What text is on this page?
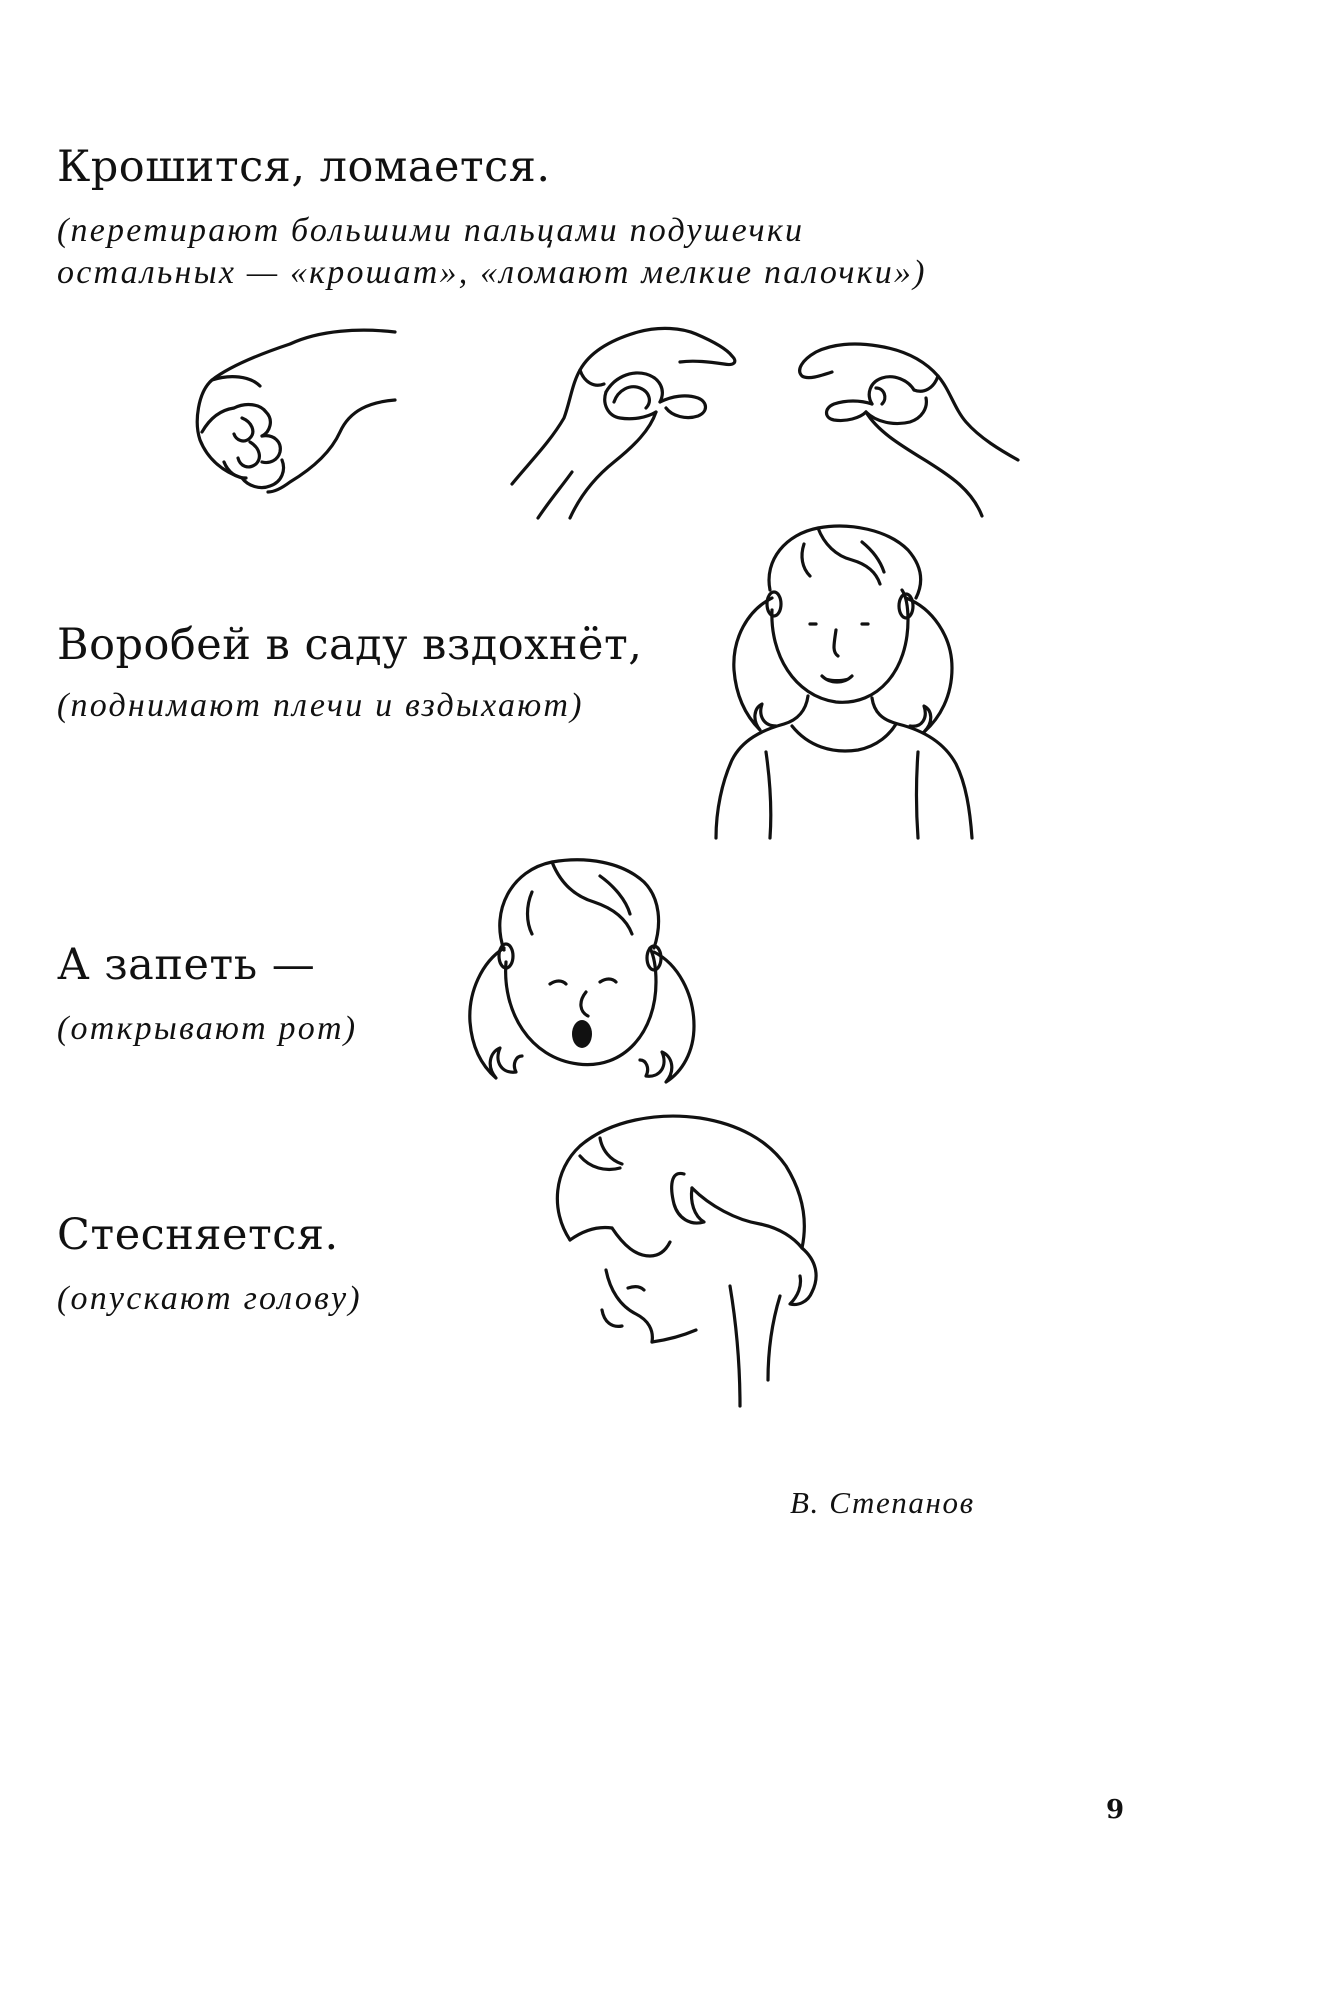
Крошится, ломается.
(перетирают большими пальцами подушечки
остальных — «крошат», «ломают мелкие палочки»)
Воробей в саду вздохнёт,
(поднимают плечи и вздыхают)
А запеть —
(открывают рот)
Стесняется.
(опускают голову)
В. Степанов
9
